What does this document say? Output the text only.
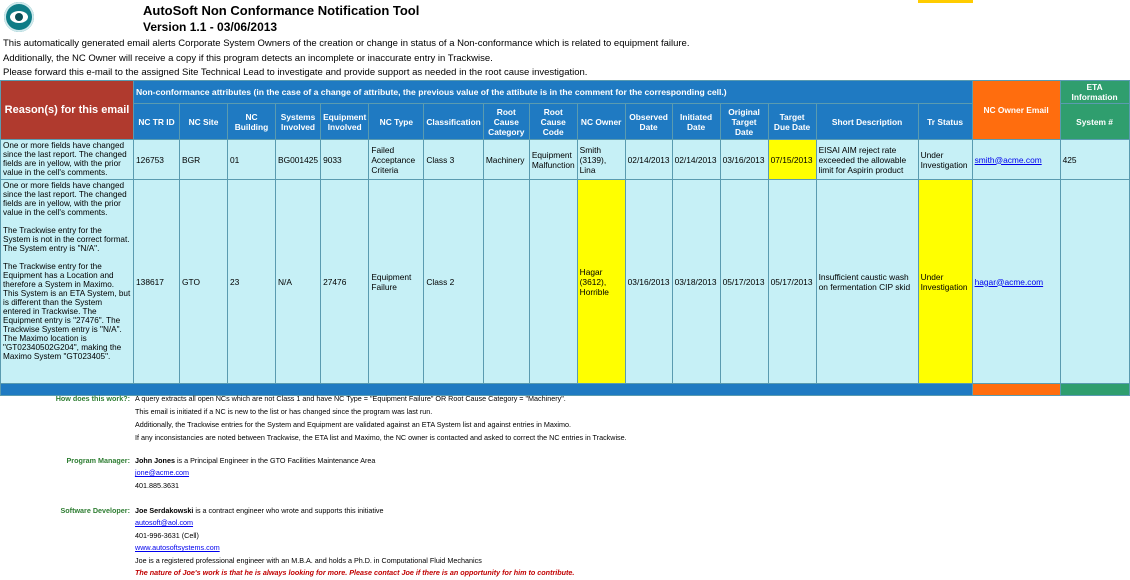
AutoSoft Non Conformance Notification Tool
Version 1.1 - 03/06/2013
This automatically generated email alerts Corporate System Owners of the creation or change in status of a Non-conformance which is related to equipment failure.
Additionally, the NC Owner will receive a copy if this program detects an incomplete or inaccurate entry in Trackwise.
Please forward this e-mail to the assigned Site Technical Lead to investigate and provide support as needed in the root cause investigation.
Reason(s) for this email	Non-conformance attributes (in the case of a change of attribute, the previous value of the attibute is in the comment for the corresponding cell.)																NC Owner Email	ETA Information
	NC TR ID	NC Site	NC Building	Systems Involved	Equipment Involved	NC Type	Classification	Root Cause Category	Root Cause Code	NC Owner	Observed Date	Initiated Date	Original Target Date	Target Due Date	Short Description	Tr Status		System #
One or more fields have changed since the last report. The changed fields are in yellow, with the prior value in the cell's comments.	126753	BGR	01	BG001425	9033	Failed Acceptance Criteria	Class 3	Machinery	Equipment Malfunction	Smith (3139), Lina	02/14/2013	02/14/2013	03/16/2013	07/15/2013	EISAI AIM reject rate exceeded the allowable limit for Aspirin product	Under Investigation	smith@acme.com	425
One or more fields have changed since the last report. The changed fields are in yellow, with the prior value in the cell's comments.

The Trackwise entry for the System is not in the correct format. The System entry is "N/A".

The Trackwise entry for the Equipment has a Location and therefore a System in Maximo. This System is an ETA System, but is different than the System entered in Trackwise. The Equipment entry is "27476". The Trackwise System entry is "N/A". The Maximo location is "GT02340502G204", making the Maximo System "GT023405".	138617	GTO	23	N/A	27476	Equipment Failure	Class 2			Hagar (3612), Horrible	03/16/2013	03/18/2013	05/17/2013	05/17/2013	Insufficient caustic wash on fermentation CIP skid	Under Investigation	hagar@acme.com	

How does this work?: A query extracts all open NCs which are not Class 1 and have NC Type = "Equipment Failure" OR Root Cause Category = "Machinery".
This email is initiated if a NC is new to the list or has changed since the program was last run.
Additionally, the Trackwise entries for the System and Equipment are validated against an ETA System list and against entries in Maximo.
If any inconsistancies are noted between Trackwise, the ETA list and Maximo, the NC owner is contacted and asked to correct the NC entries in Trackwise.
Program Manager: John Jones is a Principal Engineer in the GTO Facilities Maintenance Area
jone@acme.com
401.885.3631
Software Developer: Joe Serdakowski is a contract engineer who wrote and supports this initiative
autosoft@aol.com
401-996-3631 (Cell)
www.autosoftsystems.com
Joe is a registered professional engineer with an M.B.A. and holds a Ph.D. in Computational Fluid Mechanics
The nature of Joe's work is that he is always looking for more. Please contact Joe if there is an opportunity for him to contribute.
